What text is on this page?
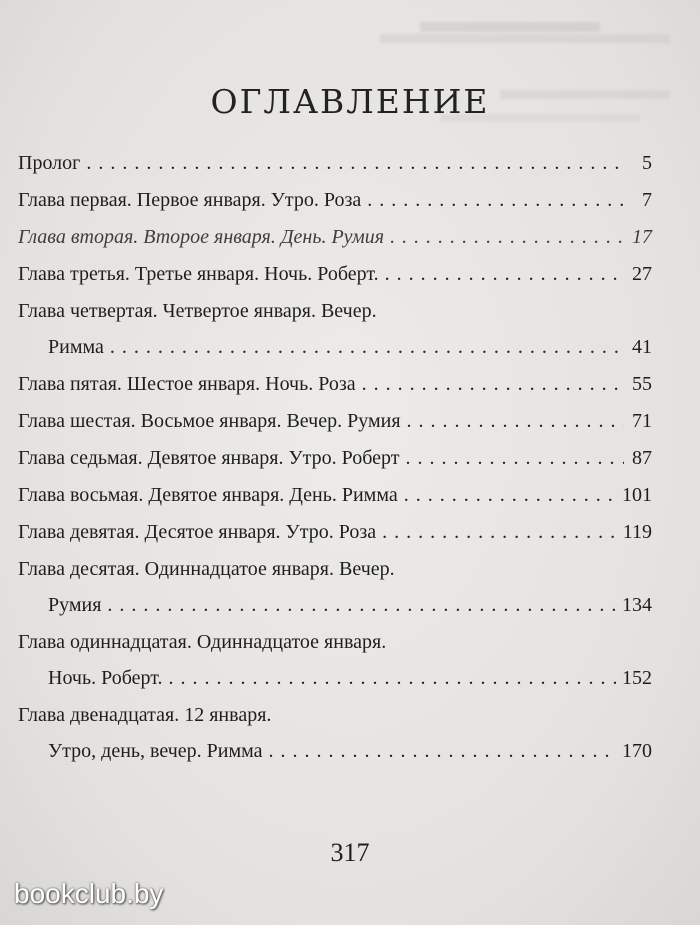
ОГЛАВЛЕНИЕ
Пролог . . .	5
Глава первая. Первое января. Утро. Роза . . .	7
Глава вторая. Второе января. День. Румия . . .	17
Глава третья. Третье января. Ночь. Роберт. . . .	27
Глава четвертая. Четвертое января. Вечер.
Римма . . .	41
Глава пятая. Шестое января. Ночь. Роза . . .	55
Глава шестая. Восьмое января. Вечер. Румия . . .	71
Глава седьмая. Девятое января. Утро. Роберт . . .	87
Глава восьмая. Девятое января. День. Римма . . .	101
Глава девятая. Десятое января. Утро. Роза . . .	119
Глава десятая. Одиннадцатое января. Вечер.
Румия . . .	134
Глава одиннадцатая. Одиннадцатое января.
Ночь. Роберт. . . .	152
Глава двенадцатая. 12 января.
Утро, день, вечер. Римма . . .	170
317
bookclub.by
